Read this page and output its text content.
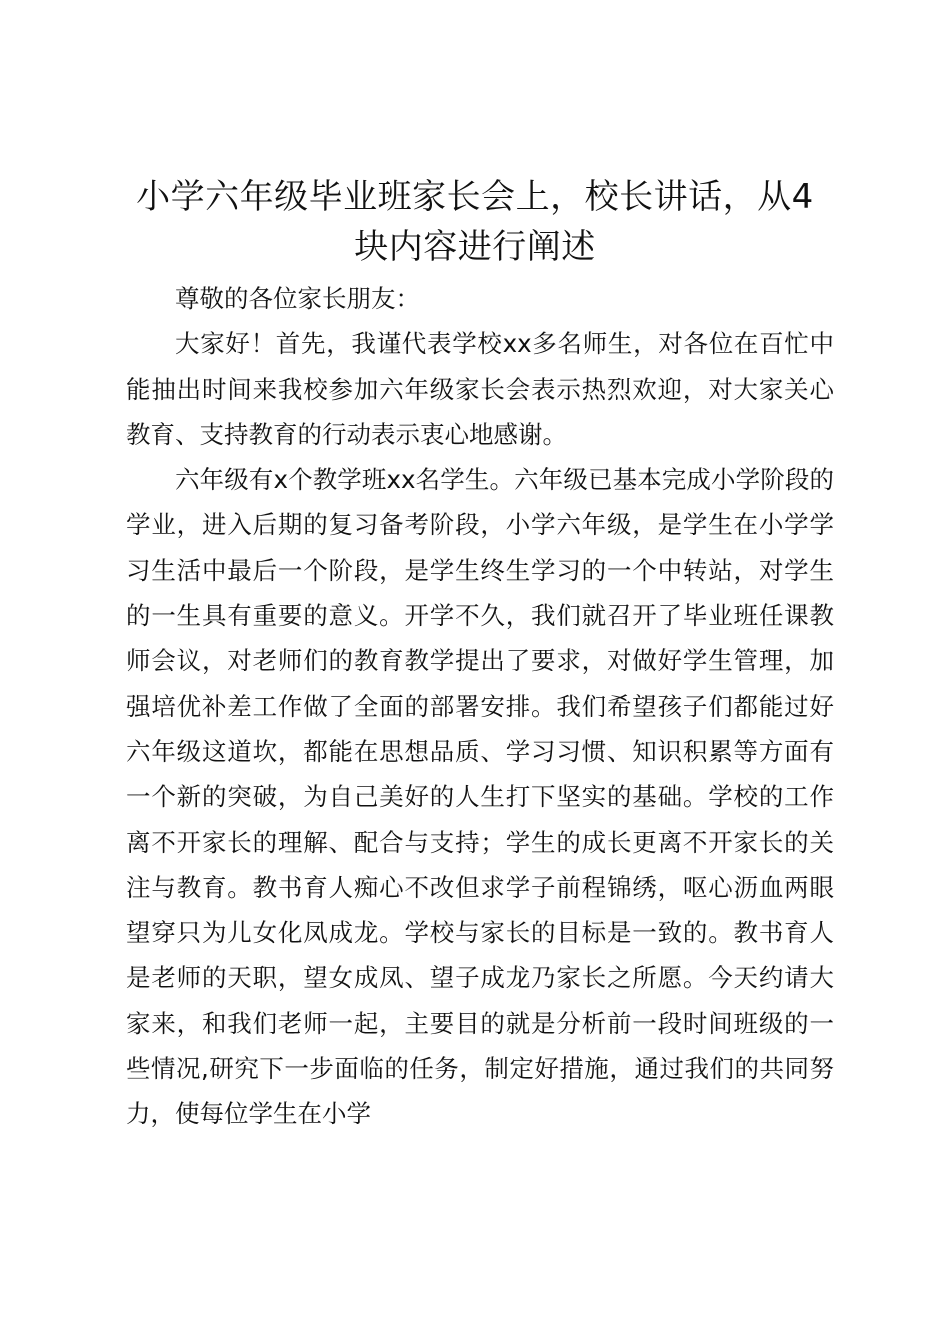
小学六年级毕业班家长会上，校长讲话，从4块内容进行阐述

尊敬的各位家长朋友：

大家好！首先，我谨代表学校xx多名师生，对各位在百忙中能抽出时间来我校参加六年级家长会表示热烈欢迎，对大家关心教育、支持教育的行动表示衷心地感谢。

六年级有x个教学班xx名学生。六年级已基本完成小学阶段的学业，进入后期的复习备考阶段，小学六年级，是学生在小学学习生活中最后一个阶段，是学生终生学习的一个中转站，对学生的一生具有重要的意义。开学不久，我们就召开了毕业班任课教师会议，对老师们的教育教学提出了要求，对做好学生管理，加强培优补差工作做了全面的部署安排。我们希望孩子们都能过好六年级这道坎，都能在思想品质、学习习惯、知识积累等方面有一个新的突破，为自己美好的人生打下坚实的基础。学校的工作离不开家长的理解、配合与支持；学生的成长更离不开家长的关注与教育。教书育人痴心不改但求学子前程锦绣，呕心沥血两眼望穿只为儿女化凤成龙。学校与家长的目标是一致的。教书育人是老师的天职，望女成凤、望子成龙乃家长之所愿。今天约请大家来，和我们老师一起，主要目的就是分析前一段时间班级的一些情况,研究下一步面临的任务，制定好措施，通过我们的共同努力，使每位学生在小学
